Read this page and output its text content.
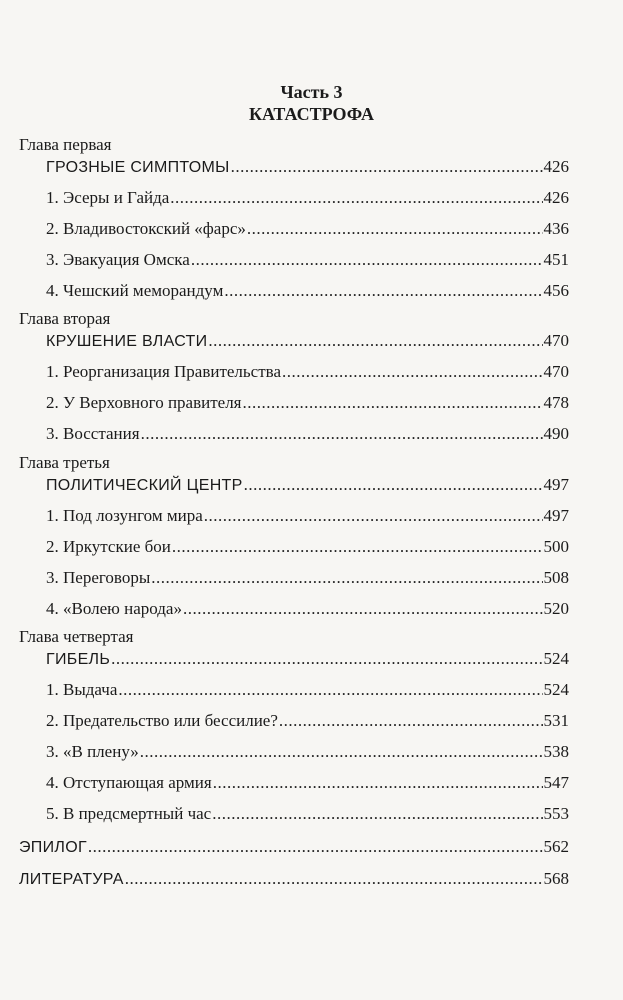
Часть 3
КАТАСТРОФА
Глава первая
ГРОЗНЫЕ СИМПТОМЫ .....	426
1. Эсеры и Гайда .....	426
2. Владивостокский «фарс» .....	436
3. Эвакуация Омска .....	451
4. Чешский меморандум .....	456
Глава вторая
КРУШЕНИЕ ВЛАСТИ .....	470
1. Реорганизация Правительства .....	470
2. У Верховного правителя .....	478
3. Восстания .....	490
Глава третья
ПОЛИТИЧЕСКИЙ ЦЕНТР .....	497
1. Под лозунгом мира .....	497
2. Иркутские бои .....	500
3. Переговоры .....	508
4. «Волею народа» .....	520
Глава четвертая
ГИБЕЛЬ .....	524
1. Выдача .....	524
2. Предательство или бессилие? .....	531
3. «В плену» .....	538
4. Отступающая армия .....	547
5. В предсмертный час .....	553
ЭПИЛОГ .....	562
ЛИТЕРАТУРА .....	568
